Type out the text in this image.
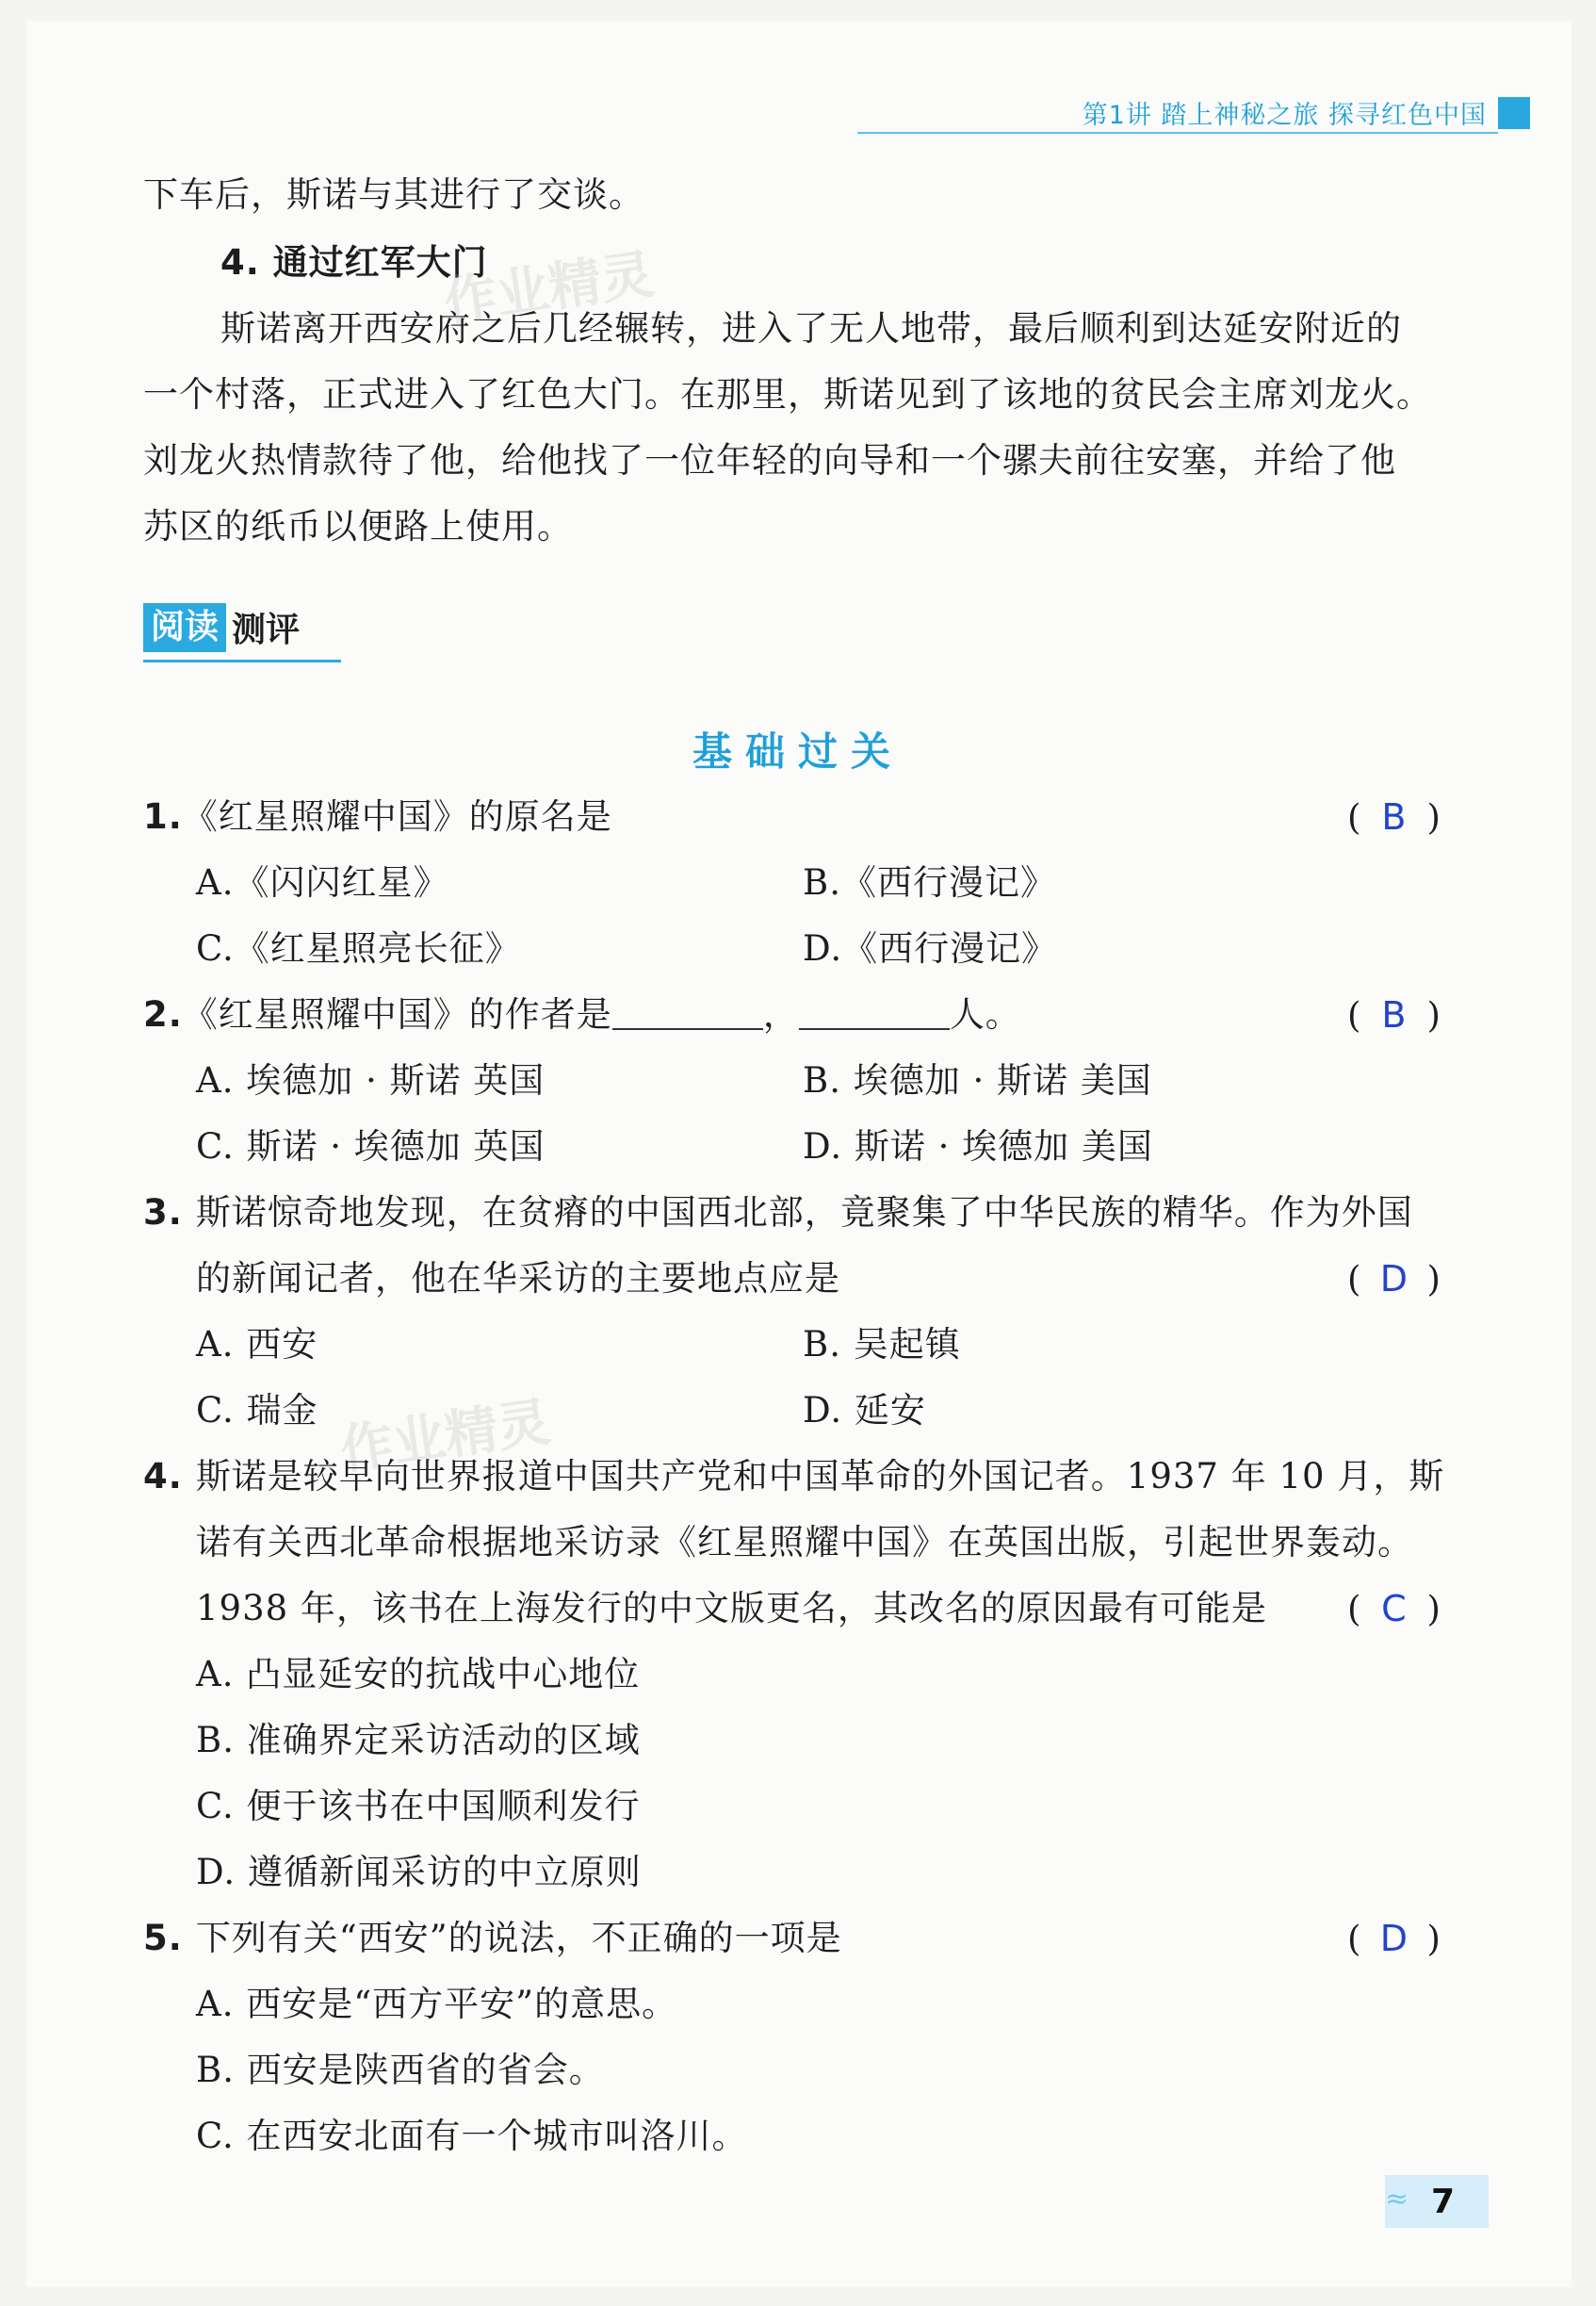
第1讲 踏上神秘之旅 探寻红色中国
下车后，斯诺与其进行了交谈。
4. 通过红军大门
斯诺离开西安府之后几经辗转，进入了无人地带，最后顺利到达延安附近的
一个村落，正式进入了红色大门。在那里，斯诺见到了该地的贫民会主席刘龙火。
刘龙火热情款待了他，给他找了一位年轻的向导和一个骡夫前往安塞，并给了他
苏区的纸币以便路上使用。
作业精灵
作业精灵
阅读 测评
基础过关
1.《红星照耀中国》的原名是	( B )
A.《闪闪红星》	B.《西行漫记》
C.《红星照亮长征》	D.《西行漫记》
2.《红星照耀中国》的作者是	，	人。	( B )
A. 埃德加 · 斯诺 英国	B. 埃德加 · 斯诺 美国
C. 斯诺 · 埃德加 英国	D. 斯诺 · 埃德加 美国
3. 斯诺惊奇地发现，在贫瘠的中国西北部，竟聚集了中华民族的精华。作为外国
的新闻记者，他在华采访的主要地点应是	( D )
A. 西安	B. 吴起镇
C. 瑞金	D. 延安
4. 斯诺是较早向世界报道中国共产党和中国革命的外国记者。1937 年 10 月，斯
诺有关西北革命根据地采访录《红星照耀中国》在英国出版，引起世界轰动。
1938 年，该书在上海发行的中文版更名，其改名的原因最有可能是 ( C )
A. 凸显延安的抗战中心地位
B. 准确界定采访活动的区域
C. 便于该书在中国顺利发行
D. 遵循新闻采访的中立原则
5. 下列有关“西安”的说法，不正确的一项是	( D )
A. 西安是“西方平安”的意思。
B. 西安是陕西省的省会。
C. 在西安北面有一个城市叫洛川。
7
≈
